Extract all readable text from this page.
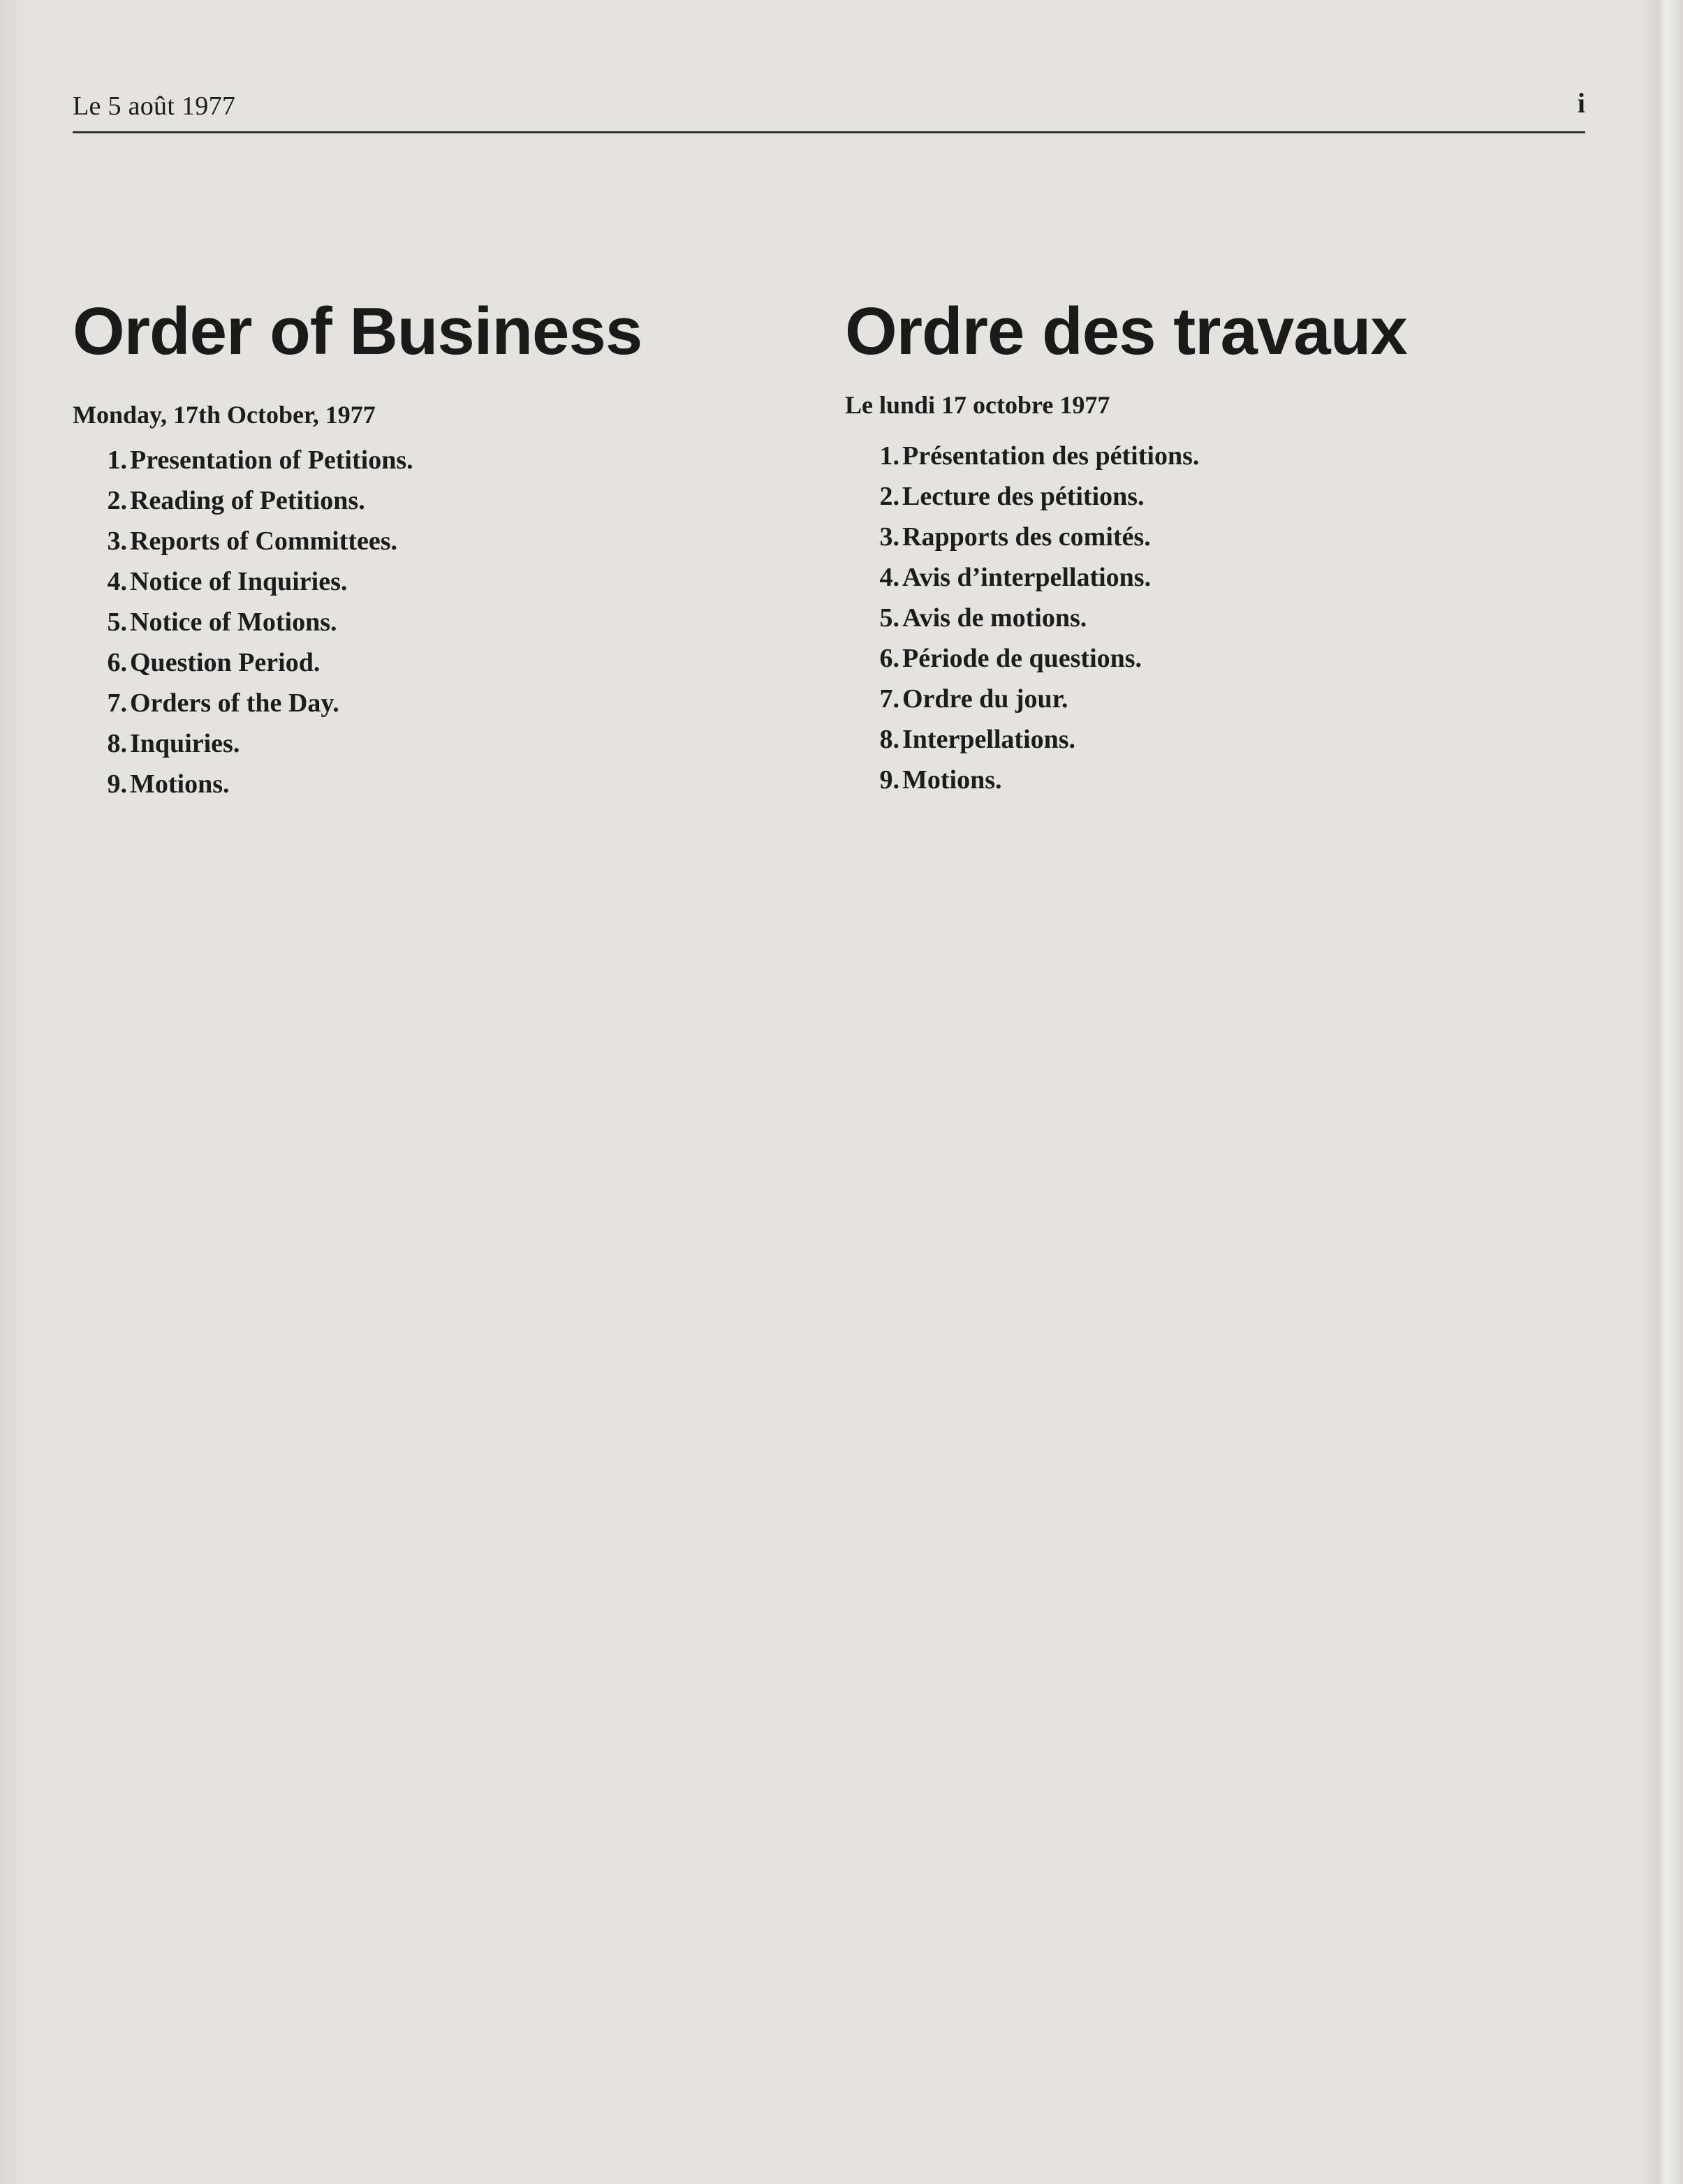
Le 5 août 1977	i
Order of Business

Monday, 17th October, 1977

1. Presentation of Petitions.
2. Reading of Petitions.
3. Reports of Committees.
4. Notice of Inquiries.
5. Notice of Motions.
6. Question Period.
7. Orders of the Day.
8. Inquiries.
9. Motions.
Ordre des travaux

Le lundi 17 octobre 1977

1. Présentation des pétitions.
2. Lecture des pétitions.
3. Rapports des comités.
4. Avis d’interpellations.
5. Avis de motions.
6. Période de questions.
7. Ordre du jour.
8. Interpellations.
9. Motions.
